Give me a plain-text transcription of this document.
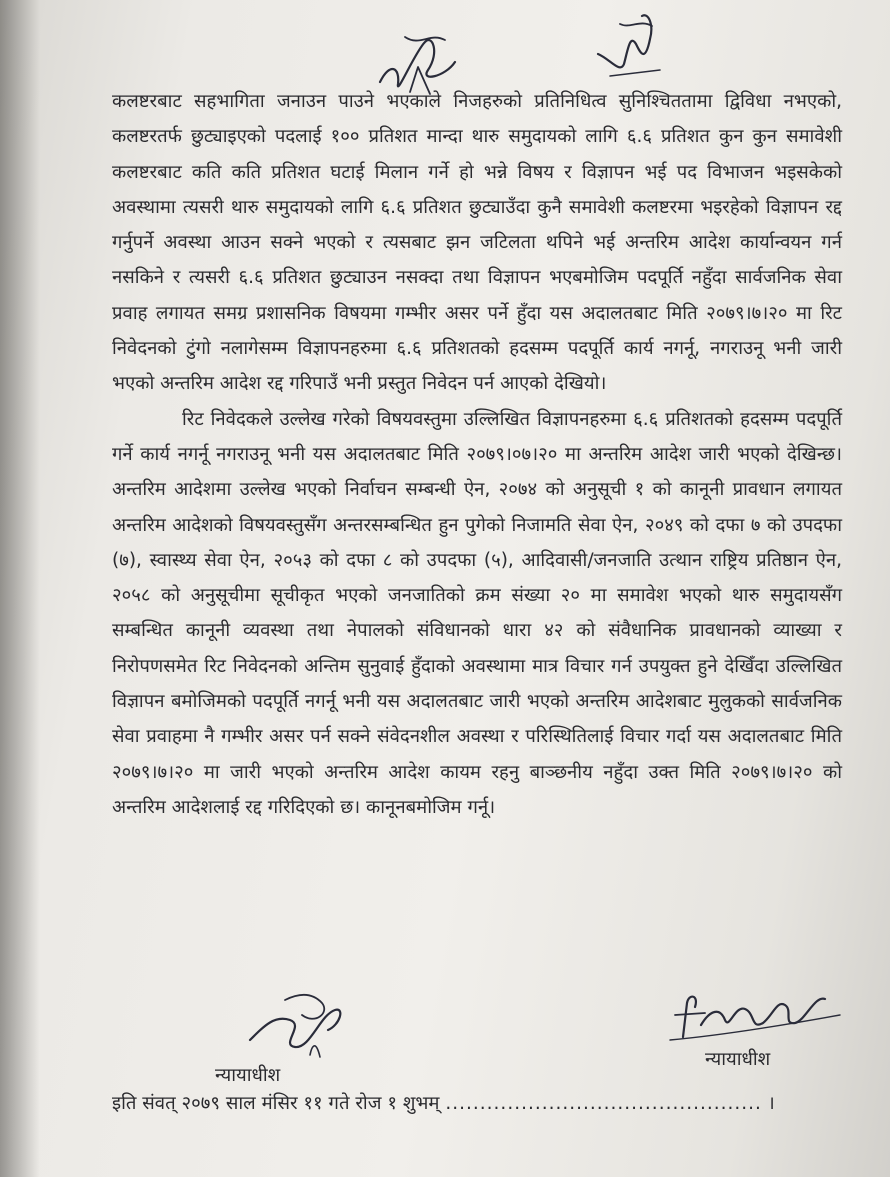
कलष्टरबाट सहभागिता जनाउन पाउने भएकाले निजहरुको प्रतिनिधित्व सुनिश्चिततामा द्विविधा नभएको, कलष्टरतर्फ छुट्याइएको पदलाई १०० प्रतिशत मान्दा थारु समुदायको लागि ६.६ प्रतिशत कुन कुन समावेशी कलष्टरबाट कति कति प्रतिशत घटाई मिलान गर्ने हो भन्ने विषय र विज्ञापन भई पद विभाजन भइसकेको अवस्थामा त्यसरी थारु समुदायको लागि ६.६ प्रतिशत छुट्याउँदा कुनै समावेशी कलष्टरमा भइरहेको विज्ञापन रद्द गर्नुपर्ने अवस्था आउन सक्ने भएको र त्यसबाट झन जटिलता थपिने भई अन्तरिम आदेश कार्यान्वयन गर्न नसकिने र त्यसरी ६.६ प्रतिशत छुट्याउन नसक्दा तथा विज्ञापन भएबमोजिम पदपूर्ति नहुँदा सार्वजनिक सेवा प्रवाह लगायत समग्र प्रशासनिक विषयमा गम्भीर असर पर्ने हुँदा यस अदालतबाट मिति २०७९।७।२० मा रिट निवेदनको टुंगो नलागेसम्म विज्ञापनहरुमा ६.६ प्रतिशतको हदसम्म पदपूर्ति कार्य नगर्नू, नगराउनू भनी जारी भएको अन्तरिम आदेश रद्द गरिपाउँ भनी प्रस्तुत निवेदन पर्न आएको देखियो।

रिट निवेदकले उल्लेख गरेको विषयवस्तुमा उल्लिखित विज्ञापनहरुमा ६.६ प्रतिशतको हदसम्म पदपूर्ति गर्ने कार्य नगर्नू नगराउनू भनी यस अदालतबाट मिति २०७९।०७।२० मा अन्तरिम आदेश जारी भएको देखिन्छ। अन्तरिम आदेशमा उल्लेख भएको निर्वाचन सम्बन्धी ऐन, २०७४ को अनुसूची १ को कानूनी प्रावधान लगायत अन्तरिम आदेशको विषयवस्तुसँग अन्तरसम्बन्धित हुन पुगेको निजामति सेवा ऐन, २०४९ को दफा ७ को उपदफा (७), स्वास्थ्य सेवा ऐन, २०५३ को दफा ८ को उपदफा (५), आदिवासी/जनजाति उत्थान राष्ट्रिय प्रतिष्ठान ऐन, २०५८ को अनुसूचीमा सूचीकृत भएको जनजातिको क्रम संख्या २० मा समावेश भएको थारु समुदायसँग सम्बन्धित कानूनी व्यवस्था तथा नेपालको संविधानको धारा ४२ को संवैधानिक प्रावधानको व्याख्या र निरोपणसमेत रिट निवेदनको अन्तिम सुनुवाई हुँदाको अवस्थामा मात्र विचार गर्न उपयुक्त हुने देखिँदा उल्लिखित विज्ञापन बमोजिमको पदपूर्ति नगर्नू भनी यस अदालतबाट जारी भएको अन्तरिम आदेशबाट मुलुकको सार्वजनिक सेवा प्रवाहमा नै गम्भीर असर पर्न सक्ने संवेदनशील अवस्था र परिस्थितिलाई विचार गर्दा यस अदालतबाट मिति २०७९।७।२० मा जारी भएको अन्तरिम आदेश कायम रहनु बाञ्छनीय नहुँदा उक्त मिति २०७९।७।२० को अन्तरिम आदेशलाई रद्द गरिदिएको छ। कानूनबमोजिम गर्नू।

न्यायाधीश
न्यायाधीश
इति संवत् २०७९ साल मंसिर ११ गते रोज १ शुभम् .............................................. ।
